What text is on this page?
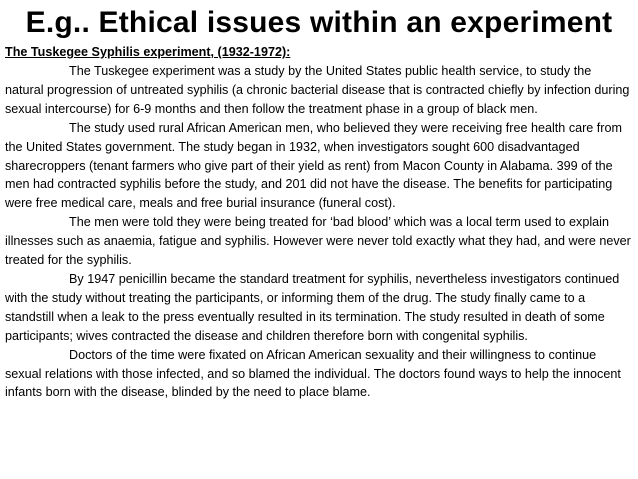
E.g.. Ethical issues within an experiment
The Tuskegee Syphilis experiment, (1932-1972):

The Tuskegee experiment was a study by the United States public health service, to study the natural progression of untreated syphilis (a chronic bacterial disease that is contracted chiefly by infection during sexual intercourse) for 6-9 months and then follow the treatment phase in a group of black men.

The study used rural African American men, who believed they were receiving free health care from the United States government. The study began in 1932, when investigators sought 600 disadvantaged sharecroppers (tenant farmers who give part of their yield as rent) from Macon County in Alabama. 399 of the men had contracted syphilis before the study, and 201 did not have the disease. The benefits for participating were free medical care, meals and free burial insurance (funeral cost).

The men were told they were being treated for ‘bad blood’ which was a local term used to explain illnesses such as anaemia, fatigue and syphilis. However were never told exactly what they had, and were never treated for the syphilis.

By 1947 penicillin became the standard treatment for syphilis, nevertheless investigators continued with the study without treating the participants, or informing them of the drug. The study finally came to a standstill when a leak to the press eventually resulted in its termination. The study resulted in death of some participants; wives contracted the disease and children therefore born with congenital syphilis.

Doctors of the time were fixated on African American sexuality and their willingness to continue sexual relations with those infected, and so blamed the individual. The doctors found ways to help the innocent infants born with the disease, blinded by the need to place blame.
